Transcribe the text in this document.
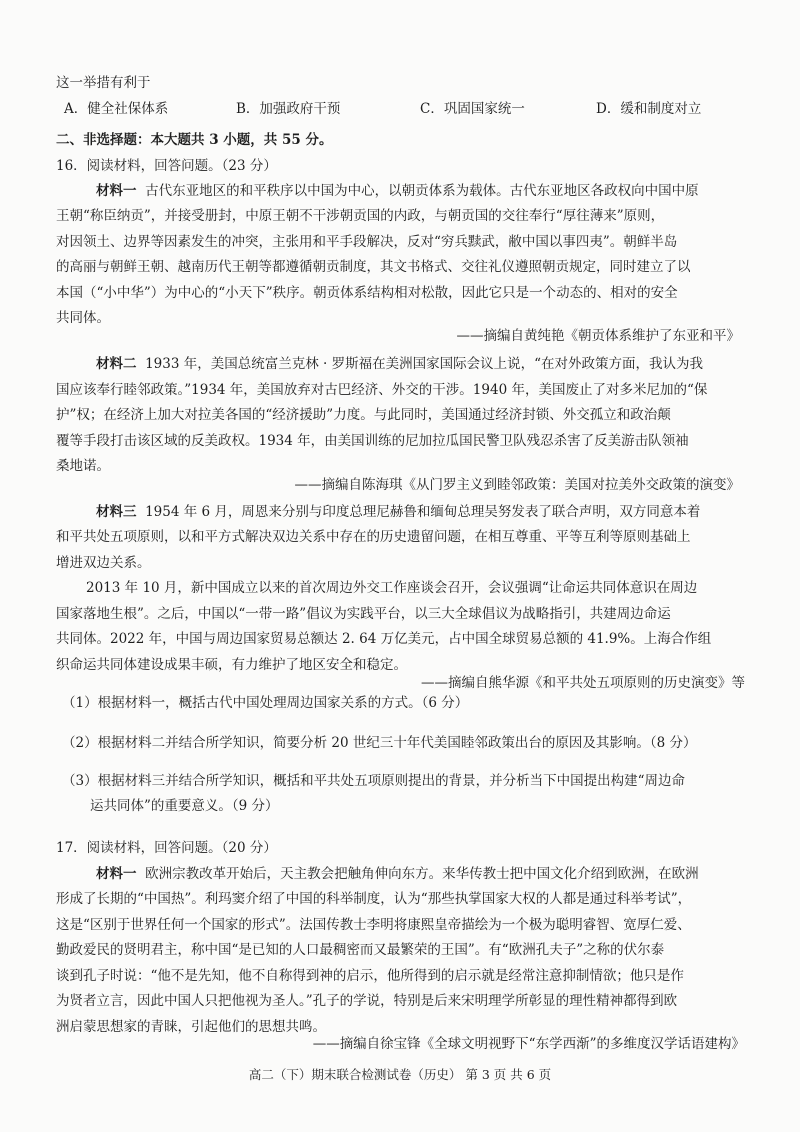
这一举措有利于
A．健全社保体系	B．加强政府干预	C．巩固国家统一	D．缓和制度对立
二、非选择题：本大题共 3 小题，共 55 分。
16．阅读材料，回答问题。（23 分）
材料一 古代东亚地区的和平秩序以中国为中心，以朝贡体系为载体。古代东亚地区各政权向中国中原
王朝“称臣纳贡”，并接受册封，中原王朝不干涉朝贡国的内政，与朝贡国的交往奉行“厚往薄来”原则，
对因领土、边界等因素发生的冲突，主张用和平手段解决，反对“穷兵黩武，敝中国以事四夷”。朝鲜半岛
的高丽与朝鲜王朝、越南历代王朝等都遵循朝贡制度，其文书格式、交往礼仪遵照朝贡规定，同时建立了以
本国（“小中华”）为中心的“小天下”秩序。朝贡体系结构相对松散，因此它只是一个动态的、相对的安全
共同体。
——摘编自黄纯艳《朝贡体系维护了东亚和平》
材料二 1933 年，美国总统富兰克林 · 罗斯福在美洲国家国际会议上说，“在对外政策方面，我认为我
国应该奉行睦邻政策。”1934 年，美国放弃对古巴经济、外交的干涉。1940 年，美国废止了对多米尼加的“保
护”权；在经济上加大对拉美各国的“经济援助”力度。与此同时，美国通过经济封锁、外交孤立和政治颠
覆等手段打击该区域的反美政权。1934 年，由美国训练的尼加拉瓜国民警卫队残忍杀害了反美游击队领袖
桑地诺。
——摘编自陈海琪《从门罗主义到睦邻政策：美国对拉美外交政策的演变》
材料三 1954 年 6 月，周恩来分别与印度总理尼赫鲁和缅甸总理吴努发表了联合声明，双方同意本着
和平共处五项原则，以和平方式解决双边关系中存在的历史遗留问题，在相互尊重、平等互利等原则基础上
增进双边关系。
2013 年 10 月，新中国成立以来的首次周边外交工作座谈会召开，会议强调“让命运共同体意识在周边
国家落地生根”。之后，中国以“一带一路”倡议为实践平台，以三大全球倡议为战略指引，共建周边命运
共同体。2022 年，中国与周边国家贸易总额达 2. 64 万亿美元，占中国全球贸易总额的 41.9%。上海合作组
织命运共同体建设成果丰硕，有力维护了地区安全和稳定。
——摘编自熊华源《和平共处五项原则的历史演变》等
（1）根据材料一，概括古代中国处理周边国家关系的方式。（6 分）
（2）根据材料二并结合所学知识，简要分析 20 世纪三十年代美国睦邻政策出台的原因及其影响。（8 分）
（3）根据材料三并结合所学知识，概括和平共处五项原则提出的背景，并分析当下中国提出构建“周边命
运共同体”的重要意义。（9 分）
17．阅读材料，回答问题。（20 分）
材料一 欧洲宗教改革开始后，天主教会把触角伸向东方。来华传教士把中国文化介绍到欧洲，在欧洲
形成了长期的“中国热”。利玛窦介绍了中国的科举制度，认为“那些执掌国家大权的人都是通过科举考试”，
这是“区别于世界任何一个国家的形式”。法国传教士李明将康熙皇帝描绘为一个极为聪明睿智、宽厚仁爱、
勤政爱民的贤明君主，称中国“是已知的人口最稠密而又最繁荣的王国”。有“欧洲孔夫子”之称的伏尔泰
谈到孔子时说：“他不是先知，他不自称得到神的启示，他所得到的启示就是经常注意抑制情欲；他只是作
为贤者立言，因此中国人只把他视为圣人。”孔子的学说，特别是后来宋明理学所彰显的理性精神都得到欧
洲启蒙思想家的青睐，引起他们的思想共鸣。
——摘编自徐宝锋《全球文明视野下“东学西渐”的多维度汉学话语建构》
高二（下）期末联合检测试卷（历史） 第 3 页 共 6 页
